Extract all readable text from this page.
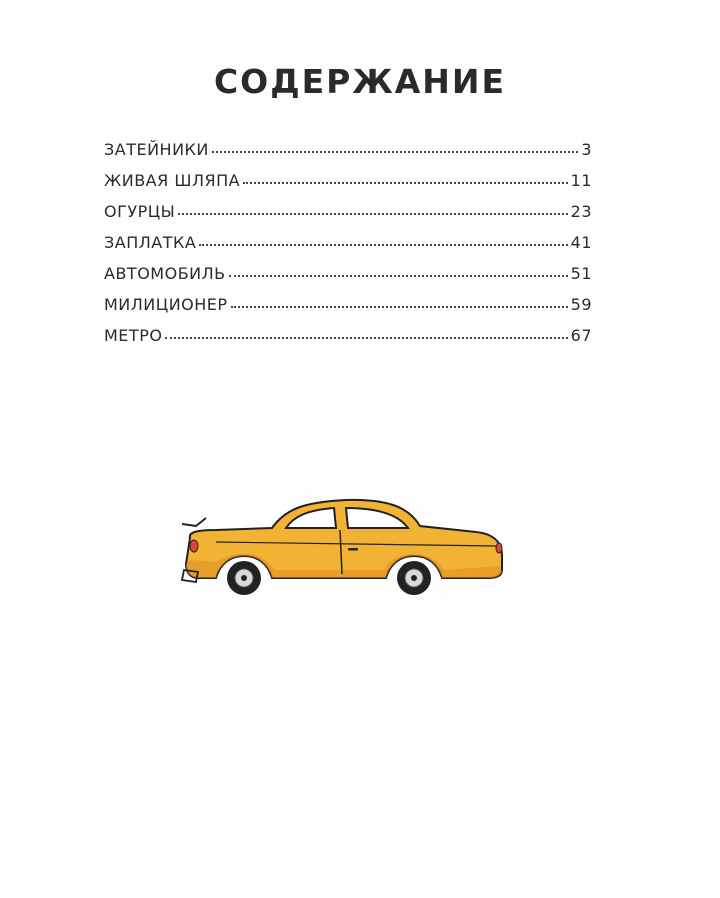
СОДЕРЖАНИЕ
ЗАТЕЙНИКИ	3
ЖИВАЯ ШЛЯПА	11
ОГУРЦЫ	23
ЗАПЛАТКА	41
АВТОМОБИЛЬ	51
МИЛИЦИОНЕР	59
МЕТРО	67
